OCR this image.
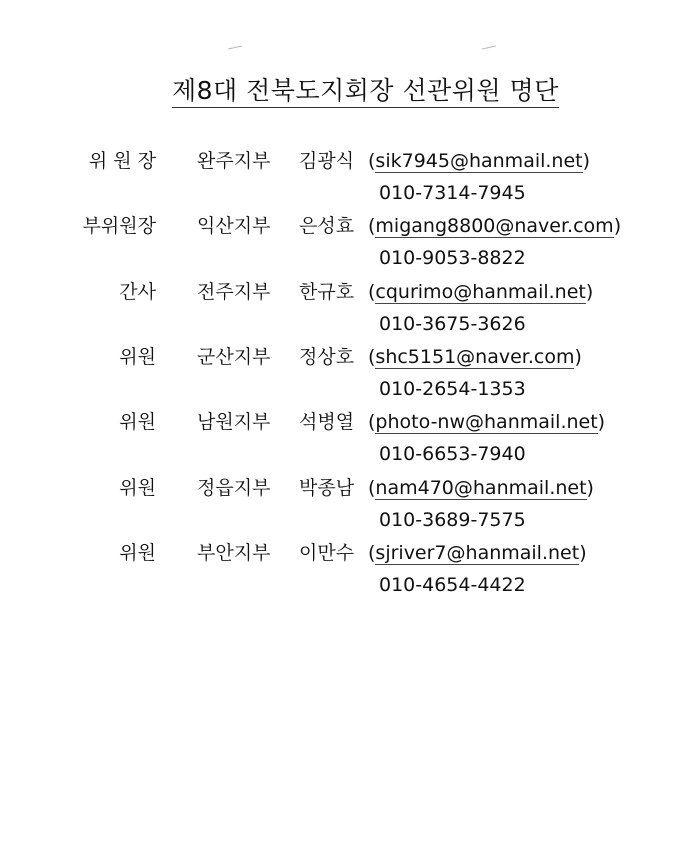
제8대 전북도지회장 선관위원 명단
위 원 장 완주지부 김광식 (sik7945@hanmail.net)
010-7314-7945
부위원장 익산지부 은성효 (migang8800@naver.com)
010-9053-8822
간사 전주지부 한규호 (cqurimo@hanmail.net)
010-3675-3626
위원 군산지부 정상호 (shc5151@naver.com)
010-2654-1353
위원 남원지부 석병열 (photo-nw@hanmail.net)
010-6653-7940
위원 정읍지부 박종남 (nam470@hanmail.net)
010-3689-7575
위원 부안지부 이만수 (sjriver7@hanmail.net)
010-4654-4422
